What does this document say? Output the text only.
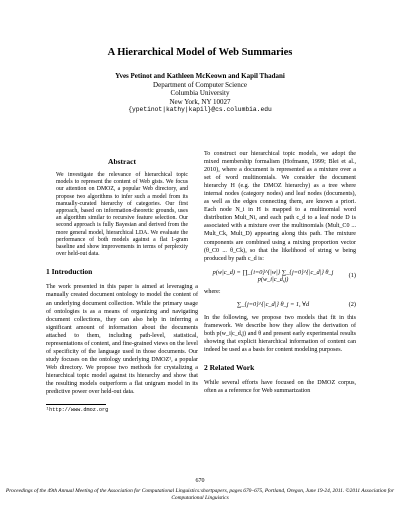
A Hierarchical Model of Web Summaries
Yves Petinot and Kathleen McKeown and Kapil Thadani
Department of Computer Science
Columbia University
New York, NY 10027
{ypetinot|kathy|kapil}@cs.columbia.edu
Abstract

We investigate the relevance of hierarchical topic models to represent the content of Web gists. We focus our attention on DMOZ, a popular Web directory, and propose two algorithms to infer such a model from its manually-curated hierarchy of categories. Our first approach, based on information-theoretic grounds, uses an algorithm similar to recursive feature selection. Our second approach is fully Bayesian and derived from the more general model, hierarchical LDA. We evaluate the performance of both models against a flat 1-gram baseline and show improvements in terms of perplexity over held-out data.

1 Introduction

The work presented in this paper is aimed at leveraging a manually created document ontology to model the content of an underlying document collection. While the primary usage of ontologies is as a means of organizing and navigating document collections, they can also help in inferring a significant amount of information about the documents attached to them, including path-level, statistical, representations of content, and fine-grained views on the level of specificity of the language used in those documents. Our study focuses on the ontology underlying DMOZ¹, a popular Web directory. We propose two methods for crystalizing a hierarchical topic model against its hierarchy and show that the resulting models outperform a flat unigram model in its predictive power over held-out data.

¹http://www.dmoz.org

To construct our hierarchical topic models, we adopt the mixed membership formalism (Hofmann, 1999; Blei et al., 2010), where a document is represented as a mixture over a set of word multinomials. We consider the document hierarchy H (e.g. the DMOZ hierarchy) as a tree where internal nodes (category nodes) and leaf nodes (documents), as well as the edges connecting them, are known a priori. Each node N_i in H is mapped to a multinomial word distribution Mult_Ni, and each path c_d to a leaf node D is associated with a mixture over the multinomials (Mult_C0 ... Mult_Ck, Mult_D) appearing along this path. The mixture components are combined using a mixing proportion vector (θ_C0 ... θ_Ck), so that the likelihood of string w being produced by path c_d is:

p(w|c_d) = ∏_{i=0}^{|w|} ∑_{j=0}^{|c_d|} θ_j p(w_i|c_d,j)	(1)
where:
∑_{j=0}^{|c_d|} θ_j = 1, ∀d	(2)

In the following, we propose two models that fit in this framework. We describe how they allow the derivation of both p(w_i|c_d,j) and θ and present early experimental results showing that explicit hierarchical information of content can indeed be used as a basis for content modeling purposes.

2 Related Work

While several efforts have focused on the DMOZ corpus, often as a reference for Web summarization

670
Proceedings of the 49th Annual Meeting of the Association for Computational Linguistics:shortpapers, pages 670–675, Portland, Oregon, June 19-24, 2011. ©2011 Association for Computational Linguistics
